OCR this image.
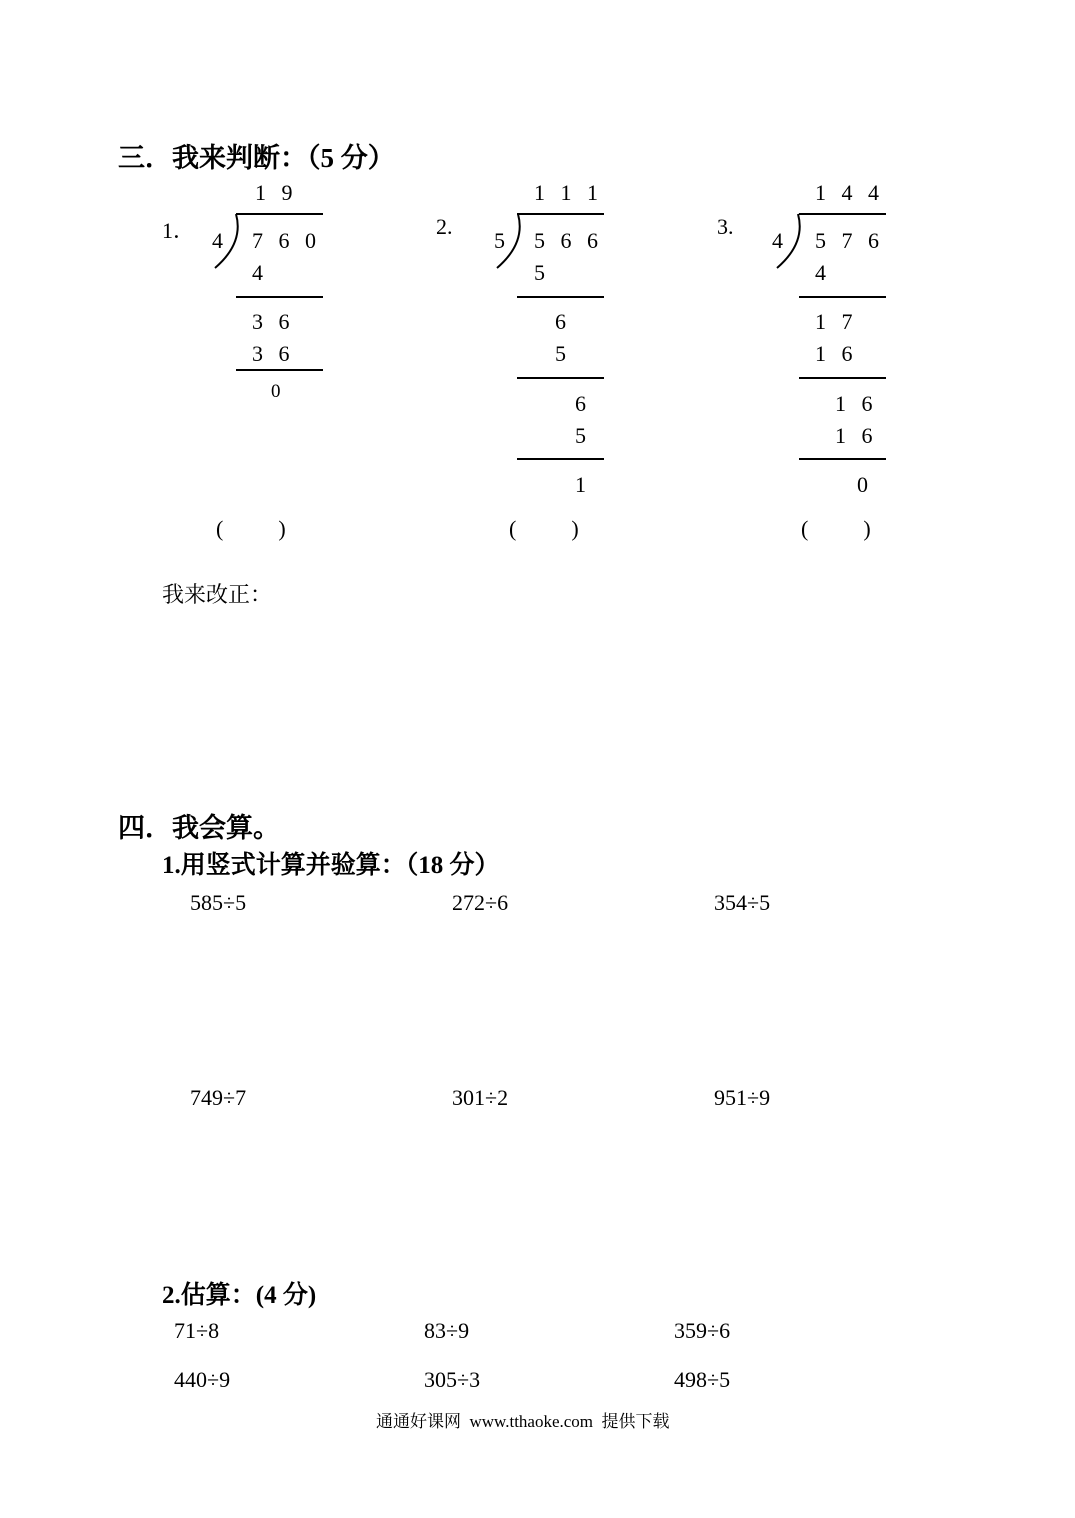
三．我来判断：（5 分）
1．
1 9
4 7 6 0
4
3 6
3 6
0
2.
1 1 1
5 5 6 6
5
6
5
6
5
1
3.
1 4 4
4 5 7 6
4
1 7
1 6
1 6
1 6
0
(          )	(          )	(          )
我来改正：
四．我会算。
1.用竖式计算并验算：（18 分）
585÷5	272÷6	354÷5
749÷7	301÷2	951÷9
2.估算：(4 分)
71÷8	83÷9	359÷6
440÷9	305÷3	498÷5
通通好课网  www.tthaoke.com  提供下载
